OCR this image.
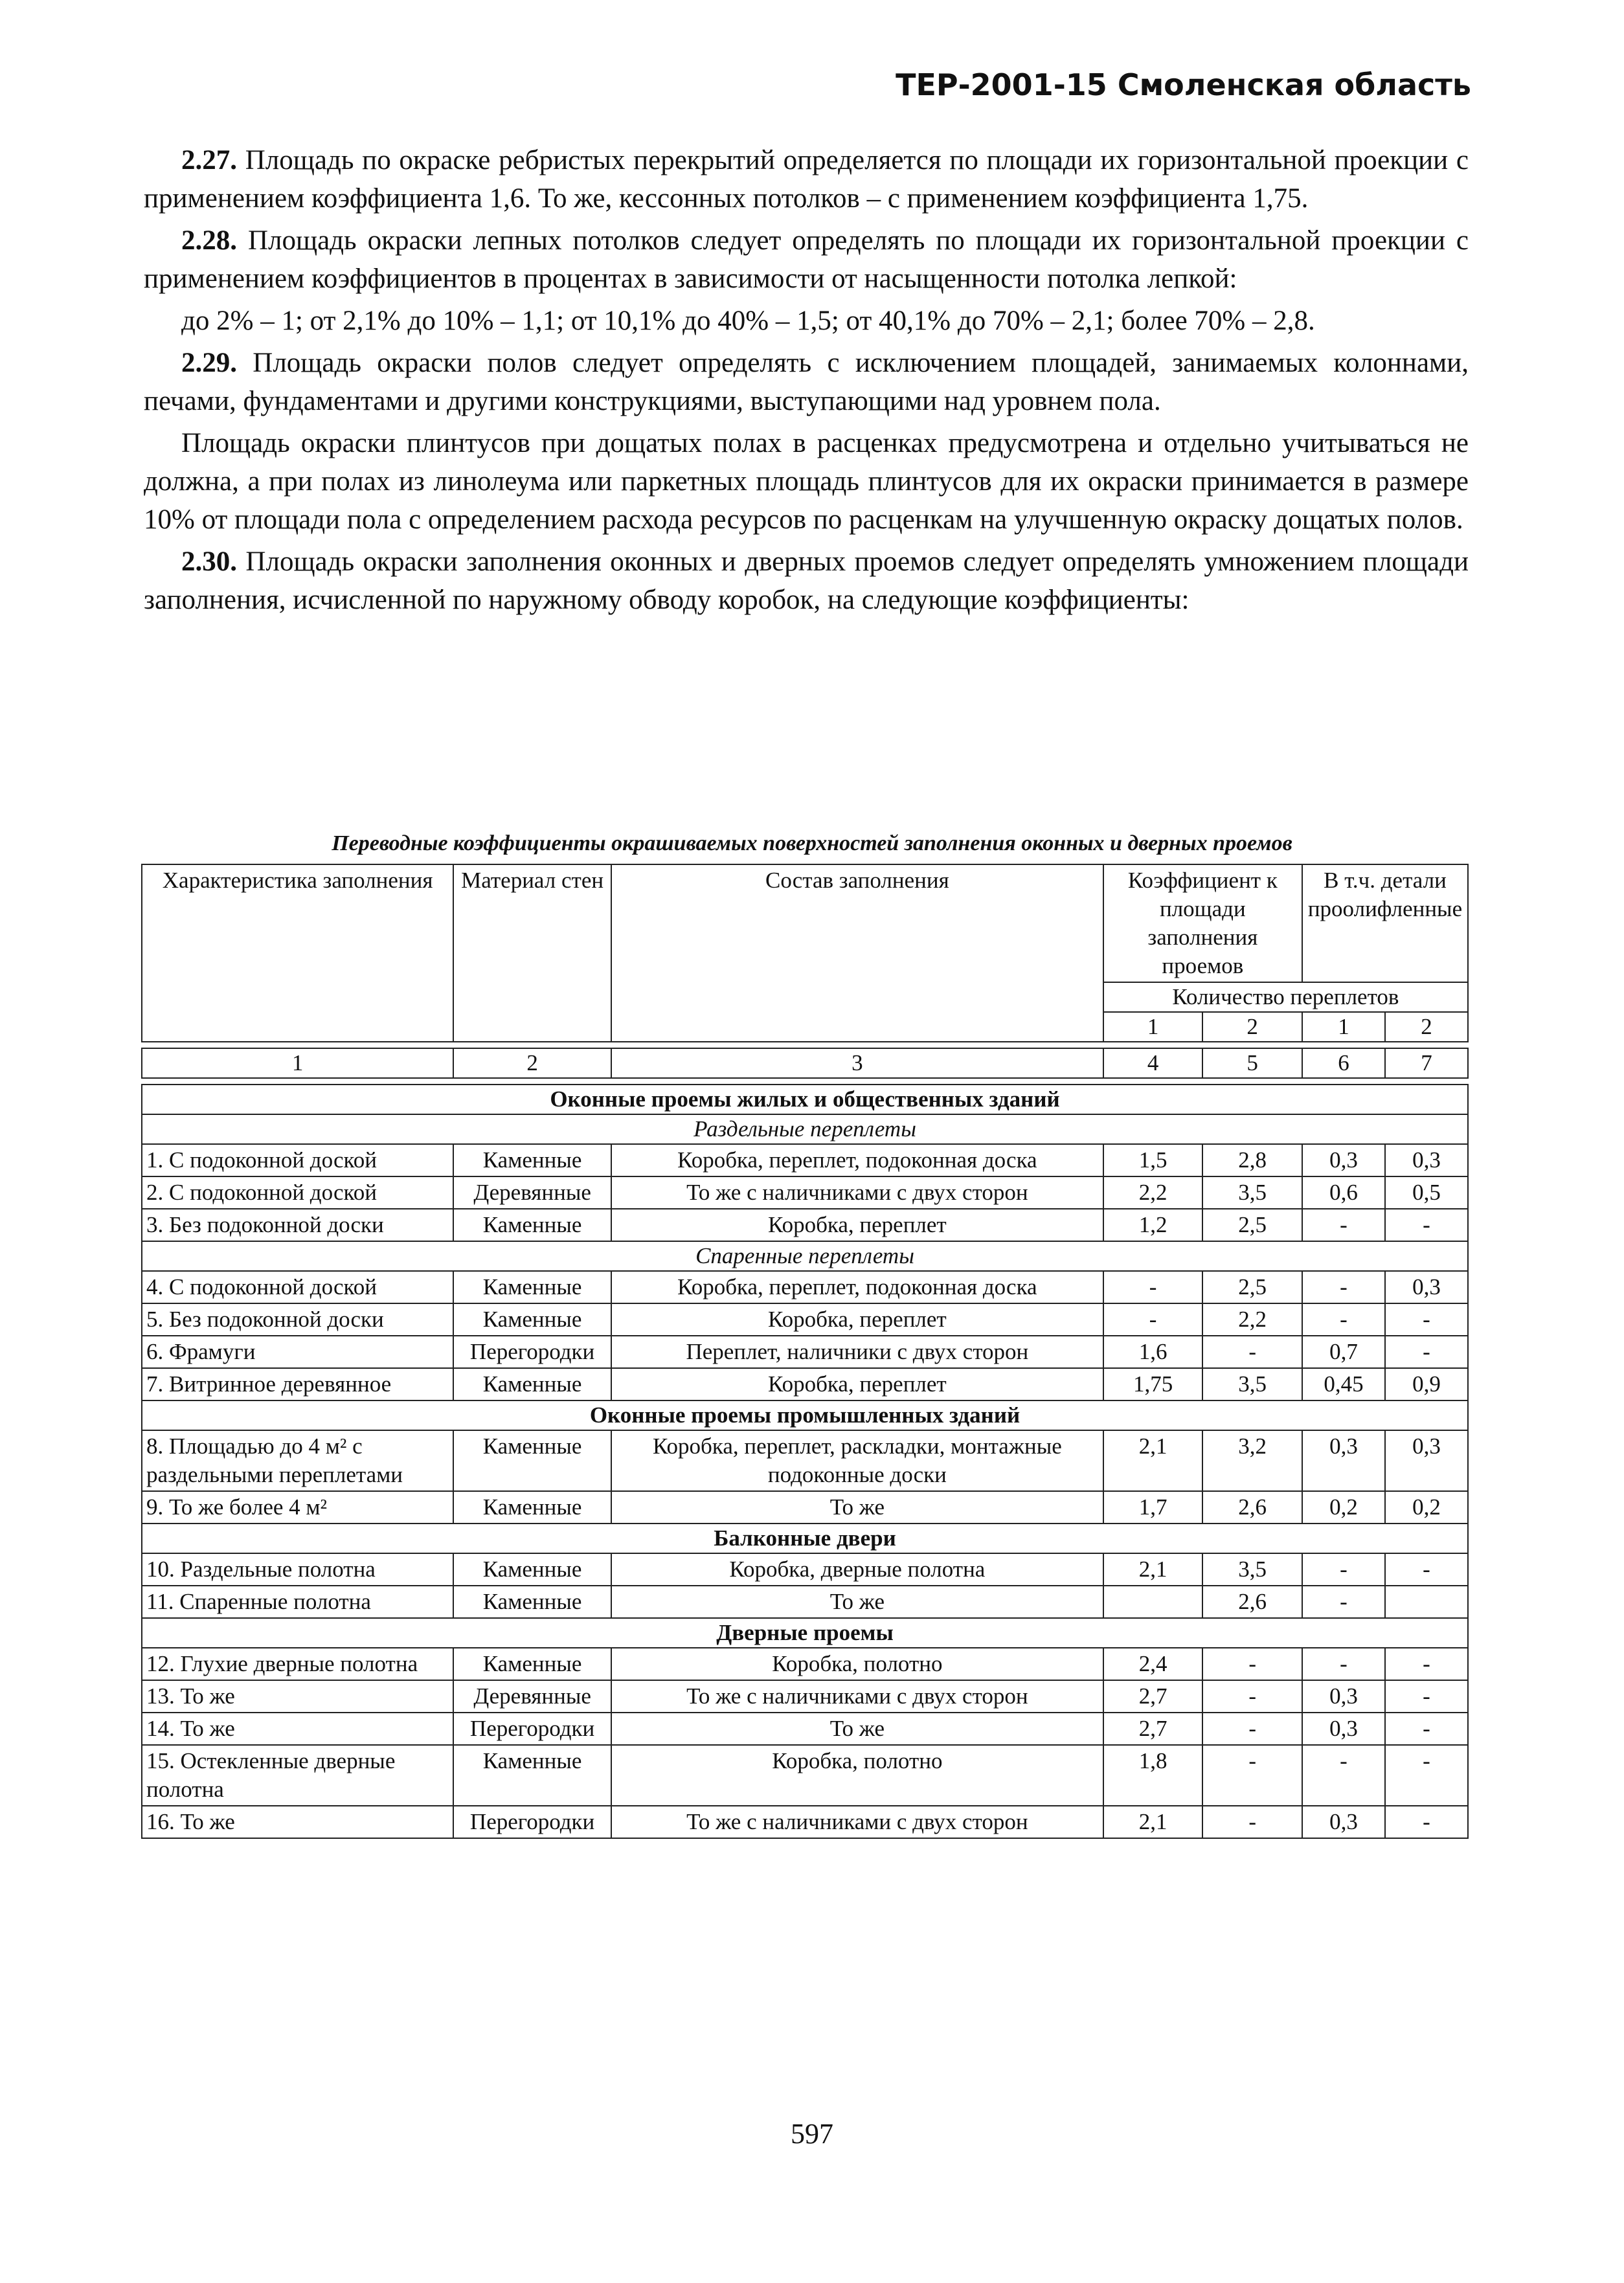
ТЕР-2001-15 Смоленская область

2.27. Площадь по окраске ребристых перекрытий определяется по площади их горизонтальной проекции с применением коэффициента 1,6. То же, кессонных потолков – с применением коэффициента 1,75.

2.28. Площадь окраски лепных потолков следует определять по площади их горизонтальной проекции с применением коэффициентов в процентах в зависимости от насыщенности потолка лепкой:

до 2% – 1; от 2,1% до 10% – 1,1; от 10,1% до 40% – 1,5; от 40,1% до 70% – 2,1; более 70% – 2,8.

2.29. Площадь окраски полов следует определять с исключением площадей, занимаемых колоннами, печами, фундаментами и другими конструкциями, выступающими над уровнем пола.

Площадь окраски плинтусов при дощатых полах в расценках предусмотрена и отдельно учитываться не должна, а при полах из линолеума или паркетных площадь плинтусов для их окраски принимается в размере 10% от площади пола с определением расхода ресурсов по расценкам на улучшенную окраску дощатых полов.

2.30. Площадь окраски заполнения оконных и дверных проемов следует определять умножением площади заполнения, исчисленной по наружному обводу коробок, на следующие коэффициенты:

Переводные коэффициенты окрашиваемых поверхностей заполнения оконных и дверных проемов
Характеристика заполнения	Материал стен	Состав заполнения	Коэффициент к площади заполнения проемов		В т.ч. детали проолифленные	
			Количество переплетов			
			1	2	1	2

1	2	3	4	5	6	7

Оконные проемы жилых и общественных зданий						
Раздельные переплеты						
1. С подоконной доской	Каменные	Коробка, переплет, подоконная доска	1,5	2,8	0,3	0,3
2. С подоконной доской	Деревянные	То же с наличниками с двух сторон	2,2	3,5	0,6	0,5
3. Без подоконной доски	Каменные	Коробка, переплет	1,2	2,5	-	-
Спаренные переплеты						
4. С подоконной доской	Каменные	Коробка, переплет, подоконная доска	-	2,5	-	0,3
5. Без подоконной доски	Каменные	Коробка, переплет	-	2,2	-	-
6. Фрамуги	Перегородки	Переплет, наличники с двух сторон	1,6	-	0,7	-
7. Витринное деревянное	Каменные	Коробка, переплет	1,75	3,5	0,45	0,9
Оконные проемы промышленных зданий						
8. Площадью до 4 м² с раздельными переплетами	Каменные	Коробка, переплет, раскладки, монтажные подоконные доски	2,1	3,2	0,3	0,3
9. То же более 4 м²	Каменные	То же	1,7	2,6	0,2	0,2
Балконные двери						
10. Раздельные полотна	Каменные	Коробка, дверные полотна	2,1	3,5	-	-
11. Спаренные полотна	Каменные	То же		2,6	-	
Дверные проемы						
12. Глухие дверные полотна	Каменные	Коробка, полотно	2,4	-	-	-
13. То же	Деревянные	То же с наличниками с двух сторон	2,7	-	0,3	-
14. То же	Перегородки	То же	2,7	-	0,3	-
15. Остекленные дверные полотна	Каменные	Коробка, полотно	1,8	-	-	-
16. То же	Перегородки	То же с наличниками с двух сторон	2,1	-	0,3	-
597
